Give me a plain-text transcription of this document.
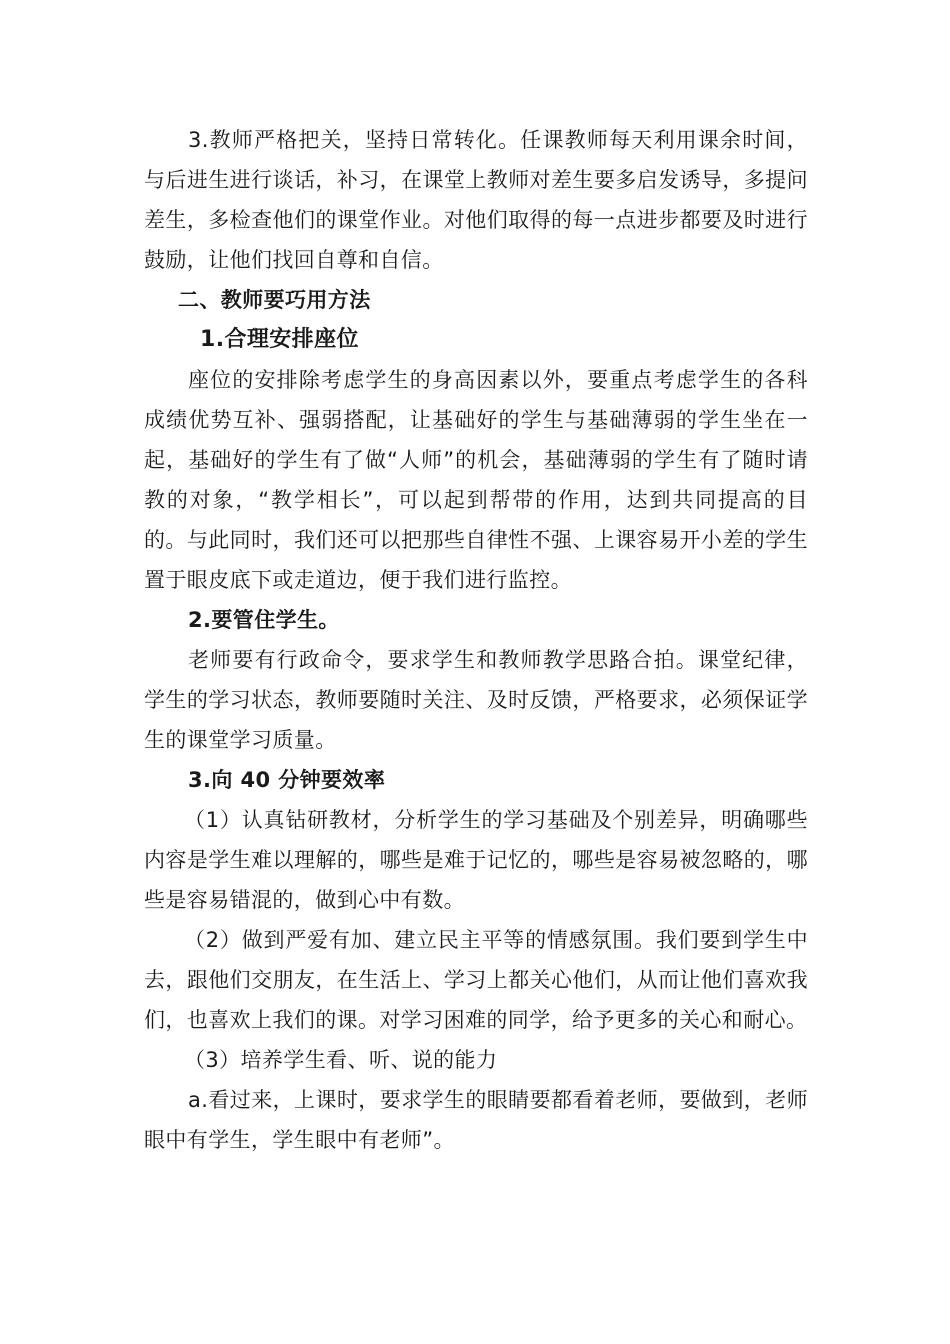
3.教师严格把关，坚持日常转化。任课教师每天利用课余时间，与后进生进行谈话，补习，在课堂上教师对差生要多启发诱导，多提问差生，多检查他们的课堂作业。对他们取得的每一点进步都要及时进行鼓励，让他们找回自尊和自信。

二、教师要巧用方法

1.合理安排座位

座位的安排除考虑学生的身高因素以外，要重点考虑学生的各科成绩优势互补、强弱搭配，让基础好的学生与基础薄弱的学生坐在一起，基础好的学生有了做“人师”的机会，基础薄弱的学生有了随时请教的对象，“教学相长”，可以起到帮带的作用，达到共同提高的目的。与此同时，我们还可以把那些自律性不强、上课容易开小差的学生置于眼皮底下或走道边，便于我们进行监控。

2.要管住学生。

老师要有行政命令，要求学生和教师教学思路合拍。课堂纪律，学生的学习状态，教师要随时关注、及时反馈，严格要求，必须保证学生的课堂学习质量。

3.向 40 分钟要效率

（1）认真钻研教材，分析学生的学习基础及个别差异，明确哪些内容是学生难以理解的，哪些是难于记忆的，哪些是容易被忽略的，哪些是容易错混的，做到心中有数。

（2）做到严爱有加、建立民主平等的情感氛围。我们要到学生中去，跟他们交朋友，在生活上、学习上都关心他们，从而让他们喜欢我们，也喜欢上我们的课。对学习困难的同学，给予更多的关心和耐心。

（3）培养学生看、听、说的能力

a.看过来，上课时，要求学生的眼睛要都看着老师，要做到，老师眼中有学生，学生眼中有老师”。
